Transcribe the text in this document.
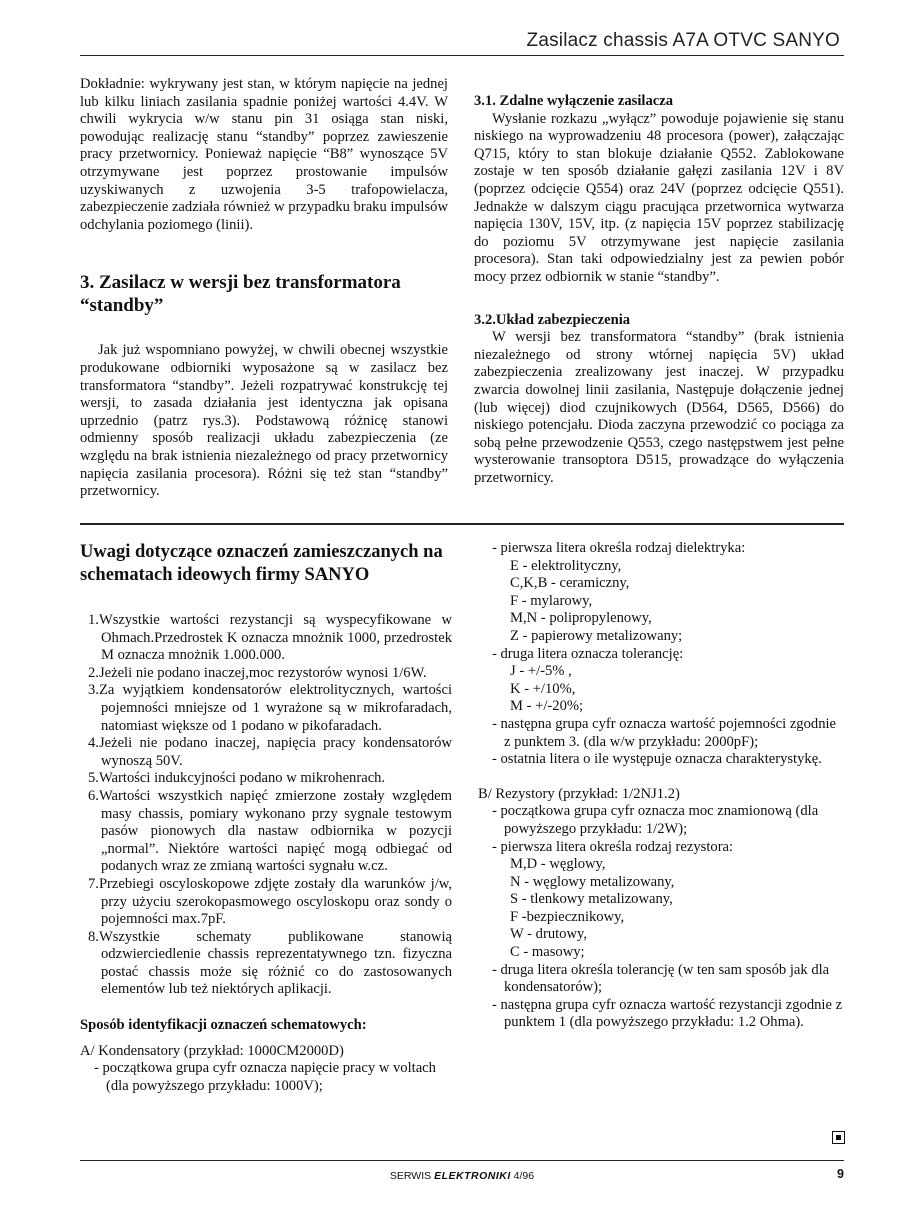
Zasilacz chassis A7A OTVC SANYO

Dokładnie: wykrywany jest stan, w którym napięcie na jednej lub kilku liniach zasilania spadnie poniżej wartości 4.4V. W chwili wykrycia w/w stanu pin 31 osiąga stan niski, powodując realizację stanu “standby” poprzez zawieszenie pracy przetwornicy. Ponieważ napięcie “B8” wynoszące 5V otrzymywane jest poprzez prostowanie impulsów uzyskiwanych z uzwojenia 3-5 trafopowielacza, zabezpieczenie zadziała również w przypadku braku impulsów odchylania poziomego (linii).

3. Zasilacz w wersji bez transformatora “standby”

Jak już wspomniano powyżej, w chwili obecnej wszystkie produkowane odbiorniki wyposażone są w zasilacz bez transformatora “standby”. Jeżeli rozpatrywać konstrukcję tej wersji, to zasada działania jest identyczna jak opisana uprzednio (patrz rys.3). Podstawową różnicę stanowi odmienny sposób realizacji układu zabezpieczenia (ze względu na brak istnienia niezależnego od pracy przetwornicy napięcia zasilania procesora). Różni się też stan “standby” przetwornicy.

3.1. Zdalne wyłączenie zasilacza

Wysłanie rozkazu „wyłącz” powoduje pojawienie się stanu niskiego na wyprowadzeniu 48 procesora (power), załączając Q715, który to stan blokuje działanie Q552. Zablokowane zostaje w ten sposób działanie gałęzi zasilania 12V i 8V (poprzez odcięcie Q554) oraz 24V (poprzez odcięcie Q551). Jednakże w dalszym ciągu pracująca przetwornica wytwarza napięcia 130V, 15V, itp. (z napięcia 15V poprzez stabilizację do poziomu 5V otrzymywane jest napięcie zasilania procesora). Stan taki odpowiedzialny jest za pewien pobór mocy przez odbiornik w stanie “standby”.

3.2.Układ zabezpieczenia

W wersji bez transformatora “standby” (brak istnienia niezależnego od strony wtórnej napięcia 5V) układ zabezpieczenia zrealizowany jest inaczej. W przypadku zwarcia dowolnej linii zasilania, Następuje dołączenie jednej (lub więcej) diod czujnikowych (D564, D565, D566) do niskiego potencjału. Dioda zaczyna przewodzić co pociąga za sobą pełne przewodzenie Q553, czego następstwem jest pełne wysterowanie transoptora D515, prowadzące do wyłączenia przetwornicy.

Uwagi dotyczące oznaczeń zamieszczanych na schematach ideowych firmy SANYO

1.Wszystkie wartości rezystancji są wyspecyfikowane w Ohmach.Przedrostek K oznacza mnożnik 1000, przedrostek M oznacza mnożnik 1.000.000.
2.Jeżeli nie podano inaczej,moc rezystorów wynosi 1/6W.
3.Za wyjątkiem kondensatorów elektrolitycznych, wartości pojemności mniejsze od 1 wyrażone są w mikrofaradach, natomiast większe od 1 podano w pikofaradach.
4.Jeżeli nie podano inaczej, napięcia pracy kondensatorów wynoszą 50V.
5.Wartości indukcyjności podano w mikrohenrach.
6.Wartości wszystkich napięć zmierzone zostały względem masy chassis, pomiary wykonano przy sygnale testowym pasów pionowych dla nastaw odbiornika w pozycji „normal”. Niektóre wartości napięć mogą odbiegać od podanych wraz ze zmianą wartości sygnału w.cz.
7.Przebiegi oscyloskopowe zdjęte zostały dla warunków j/w, przy użyciu szerokopasmowego oscyloskopu oraz sondy o pojemności max.7pF.
8.Wszystkie schematy publikowane stanowią odzwierciedlenie chassis reprezentatywnego tzn. fizyczna postać chassis może się różnić co do zastosowanych elementów lub też niektórych aplikacji.

Sposób identyfikacji oznaczeń schematowych:

A/ Kondensatory (przykład: 1000CM2000D)

- początkowa grupa cyfr oznacza napięcie pracy w voltach (dla powyższego przykładu: 1000V);

- pierwsza litera określa rodzaj dielektryka:

E - elektrolityczny,

C,K,B - ceramiczny,

F - mylarowy,

M,N - polipropylenowy,

Z - papierowy metalizowany;

- druga litera oznacza tolerancję:

J - +/-5% ,

K - +/10%,

M - +/-20%;

- następna grupa cyfr oznacza wartość pojemności zgodnie z punktem 3. (dla w/w przykładu: 2000pF);

- ostatnia litera o ile występuje oznacza charakterystykę.

B/ Rezystory (przykład: 1/2NJ1.2)

- początkowa grupa cyfr oznacza moc znamionową (dla powyższego przykładu: 1/2W);

- pierwsza litera określa rodzaj rezystora:

M,D - węglowy,

N - węglowy metalizowany,

S - tlenkowy metalizowany,

F -bezpiecznikowy,

W - drutowy,

C - masowy;

- druga litera określa tolerancję (w ten sam sposób jak dla kondensatorów);

- następna grupa cyfr oznacza wartość rezystancji zgodnie z punktem 1 (dla powyższego przykładu: 1.2 Ohma).

SERWIS ELEKTRONIKI 4/96	9
